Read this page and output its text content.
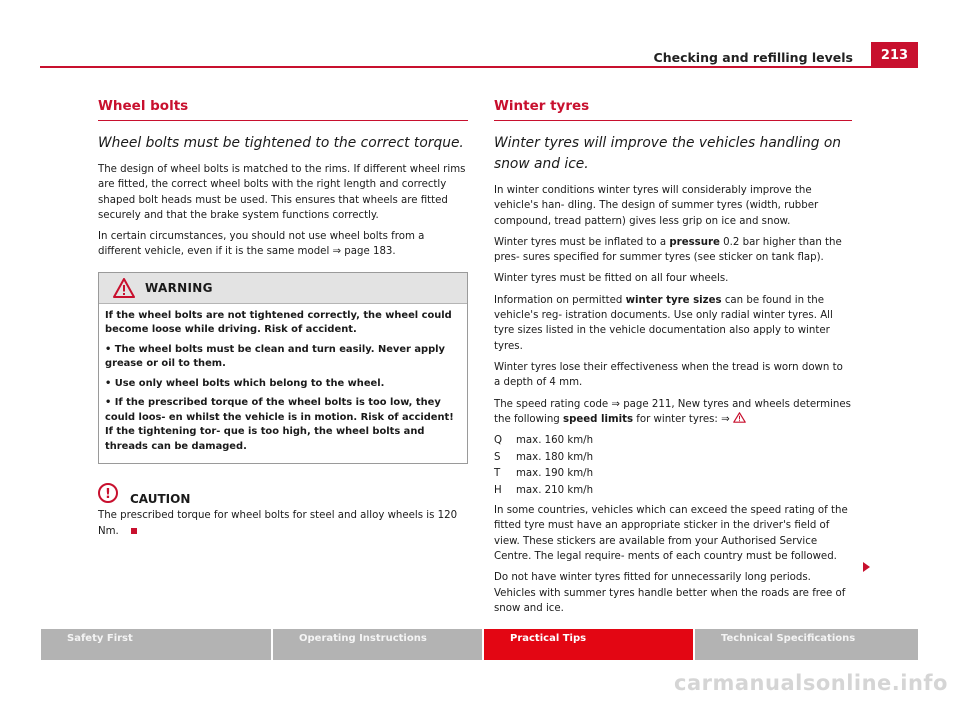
Checking and refilling levels	213
Wheel bolts
Wheel bolts must be tightened to the correct torque.

The design of wheel bolts is matched to the rims. If different wheel rims are fitted, the correct wheel bolts with the right length and correctly shaped bolt heads must be used. This ensures that wheels are fitted securely and that the brake system functions correctly.

In certain circumstances, you should not use wheel bolts from a different vehicle, even if it is the same model ⇒ page 183.

WARNING

If the wheel bolts are not tightened correctly, the wheel could become loose while driving. Risk of accident.

• The wheel bolts must be clean and turn easily. Never apply grease or oil to them.

• Use only wheel bolts which belong to the wheel.

• If the prescribed torque of the wheel bolts is too low, they could loos- en whilst the vehicle is in motion. Risk of accident! If the tightening tor- que is too high, the wheel bolts and threads can be damaged.

!	CAUTION

The prescribed torque for wheel bolts for steel and alloy wheels is 120 Nm.

Winter tyres
Winter tyres will improve the vehicles handling on snow and ice.

In winter conditions winter tyres will considerably improve the vehicle's han- dling. The design of summer tyres (width, rubber compound, tread pattern) gives less grip on ice and snow.

Winter tyres must be inflated to a pressure 0.2 bar higher than the pres- sures specified for summer tyres (see sticker on tank flap).

Winter tyres must be fitted on all four wheels.

Information on permitted winter tyre sizes can be found in the vehicle's reg- istration documents. Use only radial winter tyres. All tyre sizes listed in the vehicle documentation also apply to winter tyres.

Winter tyres lose their effectiveness when the tread is worn down to a depth of 4 mm.

The speed rating code ⇒ page 211, New tyres and wheels determines the following speed limits for winter tyres: ⇒

Q	max. 160 km/h
S	max. 180 km/h
T	max. 190 km/h
H	max. 210 km/h

In some countries, vehicles which can exceed the speed rating of the fitted tyre must have an appropriate sticker in the driver's field of view. These stickers are available from your Authorised Service Centre. The legal require- ments of each country must be followed.

Do not have winter tyres fitted for unnecessarily long periods. Vehicles with summer tyres handle better when the roads are free of snow and ice.

Safety First	Operating Instructions	Practical Tips	Technical Specifications
carmanualsonline.info
